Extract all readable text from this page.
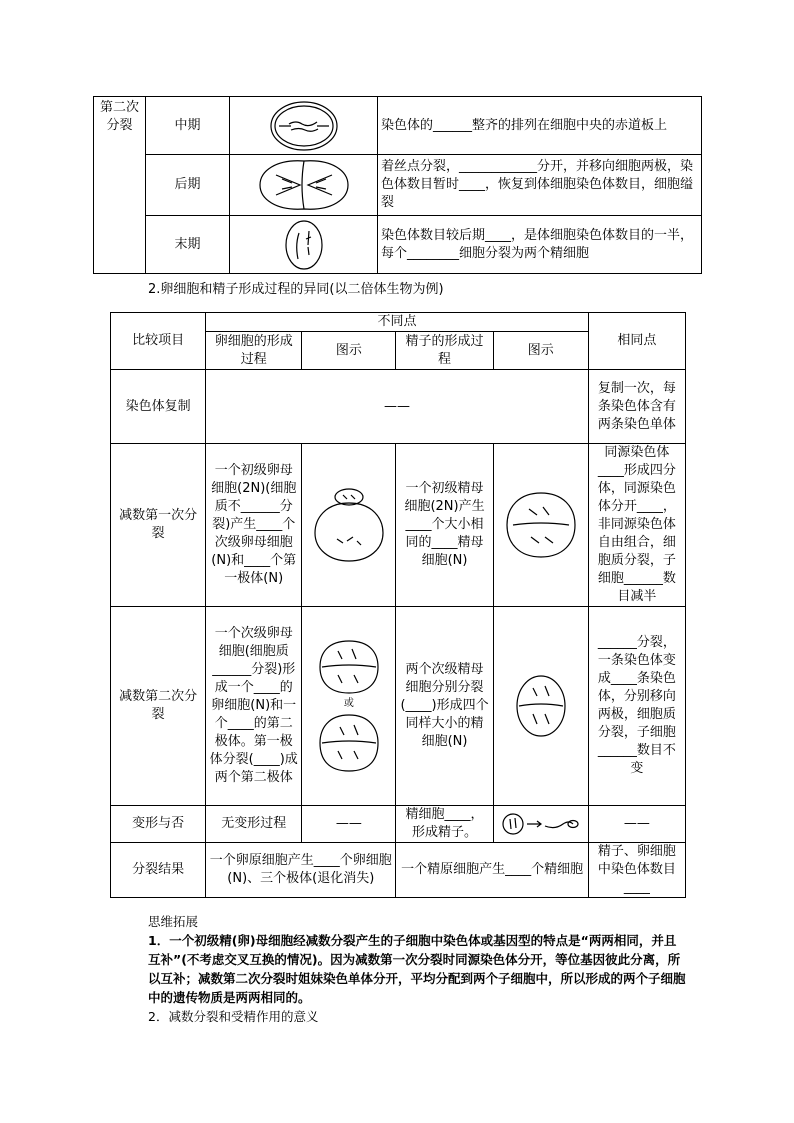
第二次分裂	中期		染色体的______整齐的排列在细胞中央的赤道板上
	后期		着丝点分裂，____________分开，并移向细胞两极，染色体数目暂时____，恢复到体细胞染色体数目，细胞缢裂
	末期		染色体数目较后期____，是体细胞染色体数目的一半，每个________细胞分裂为两个精细胞
2.卵细胞和精子形成过程的异同(以二倍体生物为例)
比较项目	不同点				相同点
	卵细胞的形成过程	图示	精子的形成过程	图示	
染色体复制	——				复制一次，每条染色体含有两条染色单体
减数第一次分裂	一个初级卵母细胞(2N)(细胞质不______分裂)产生____个次级卵母细胞(N)和____个第一极体(N)		一个初级精母细胞(2N)产生____个大小相同的____精母细胞(N)		同源染色体____形成四分体，同源染色体分开____，非同源染色体自由组合，细胞质分裂，子细胞______数目减半
减数第二次分裂	一个次级卵母细胞(细胞质______分裂)形成一个____的卵细胞(N)和一个____的第二极体。第一极体分裂(____)成两个第二极体	或	两个次级精母细胞分别分裂(____)形成四个同样大小的精细胞(N)		______分裂，一条染色体变成____条染色体，分别移向两极，细胞质分裂，子细胞______数目不变
变形与否	无变形过程	——	精细胞____，形成精子。		——
分裂结果	一个卵原细胞产生____个卵细胞(N)、三个极体(退化消失)		一个精原细胞产生____个精细胞		精子、卵细胞中染色体数目____

思维拓展

1．一个初级精(卵)母细胞经减数分裂产生的子细胞中染色体或基因型的特点是“两两相同，并且互补”(不考虑交叉互换的情况)。因为减数第一次分裂时同源染色体分开，等位基因彼此分离，所以互补；减数第二次分裂时姐妹染色单体分开，平均分配到两个子细胞中，所以形成的两个子细胞中的遗传物质是两两相同的。

2．减数分裂和受精作用的意义
